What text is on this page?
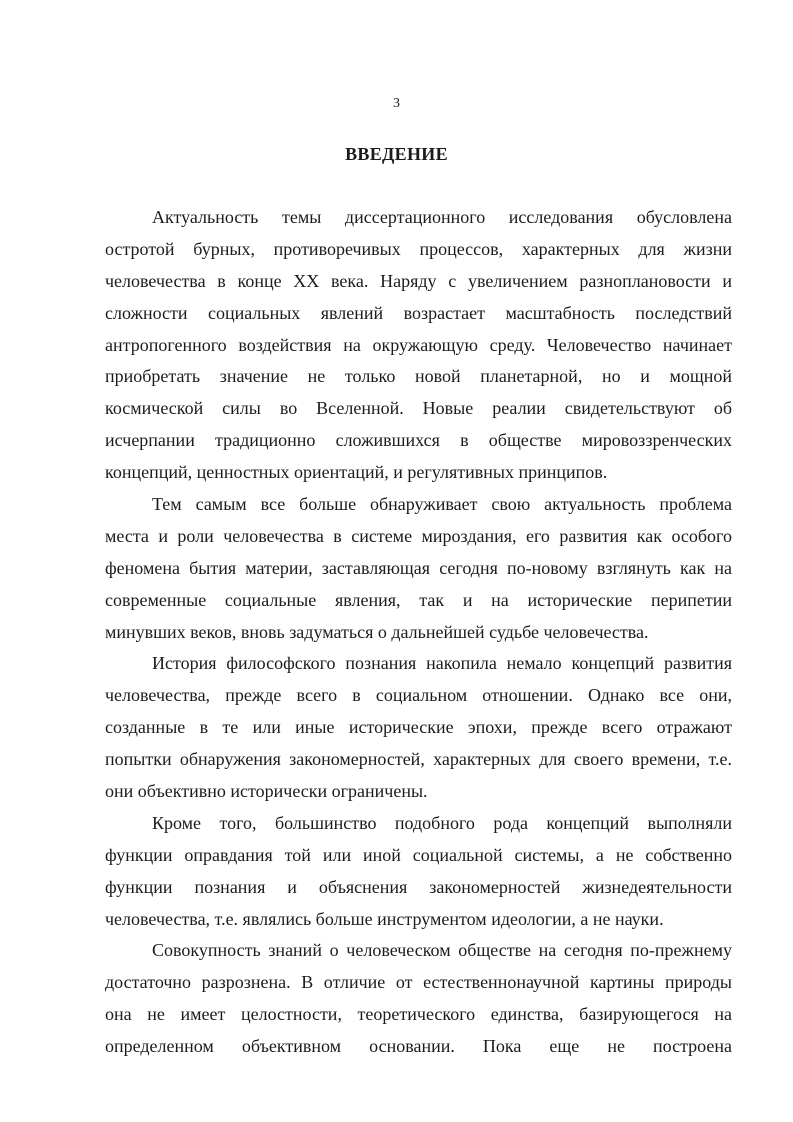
3
ВВЕДЕНИЕ
Актуальность темы диссертационного исследования обусловлена
остротой бурных, противоречивых процессов, характерных для жизни
человечества в конце XX века. Наряду с увеличением разноплановости и
сложности социальных явлений возрастает масштабность последствий
антропогенного воздействия на окружающую среду. Человечество начинает
приобретать значение не только новой планетарной, но и мощной
космической силы во Вселенной. Новые реалии свидетельствуют об
исчерпании традиционно сложившихся в обществе мировоззренческих
концепций, ценностных ориентаций, и регулятивных принципов.
Тем самым все больше обнаруживает свою актуальность проблема
места и роли человечества в системе мироздания, его развития как особого
феномена бытия материи, заставляющая сегодня по-новому взглянуть как на
современные социальные явления, так и на исторические перипетии
минувших веков, вновь задуматься о дальнейшей судьбе человечества.
История философского познания накопила немало концепций развития
человечества, прежде всего в социальном отношении. Однако все они,
созданные в те или иные исторические эпохи, прежде всего отражают
попытки обнаружения закономерностей, характерных для своего времени, т.е.
они объективно исторически ограничены.
Кроме того, большинство подобного рода концепций выполняли
функции оправдания той или иной социальной системы, а не собственно
функции познания и объяснения закономерностей жизнедеятельности
человечества, т.е. являлись больше инструментом идеологии, а не науки.
Совокупность знаний о человеческом обществе на сегодня по-прежнему
достаточно разрознена. В отличие от естественнонаучной картины природы
она не имеет целостности, теоретического единства, базирующегося на
определенном объективном основании. Пока еще не построена
